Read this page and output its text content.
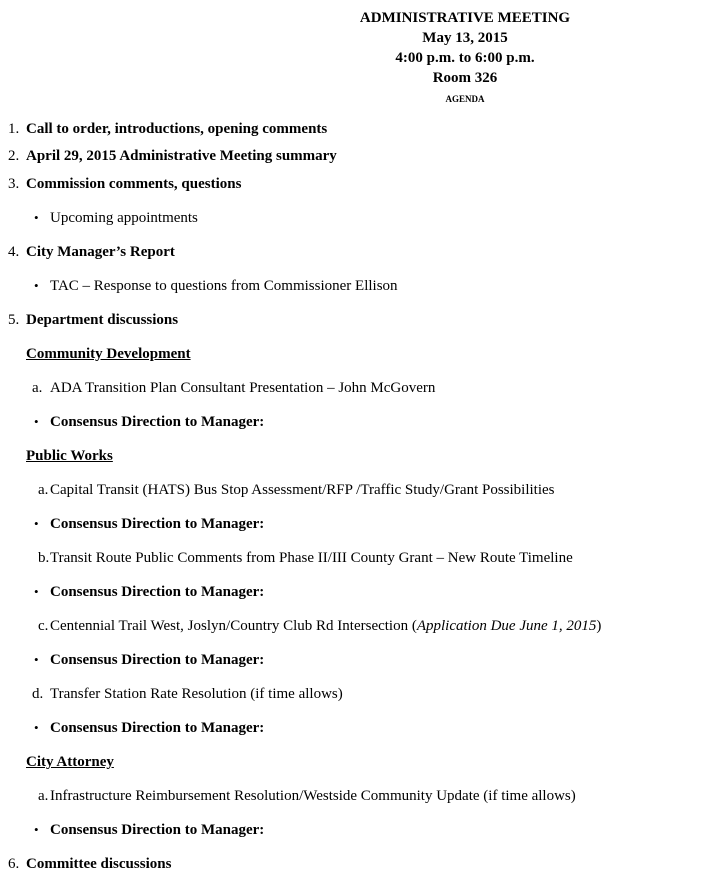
ADMINISTRATIVE MEETING
May 13, 2015
4:00 p.m. to 6:00 p.m.
Room 326
AGENDA
1. Call to order, introductions, opening comments
2. April 29, 2015 Administrative Meeting summary
3. Commission comments, questions
• Upcoming appointments
4. City Manager’s Report
• TAC – Response to questions from Commissioner Ellison
5. Department discussions
Community Development
a. ADA Transition Plan Consultant Presentation – John McGovern
• Consensus Direction to Manager:
Public Works
a. Capital Transit (HATS) Bus Stop Assessment/RFP /Traffic Study/Grant Possibilities
• Consensus Direction to Manager:
b. Transit Route Public Comments from Phase II/III County Grant – New Route Timeline
• Consensus Direction to Manager:
c. Centennial Trail West, Joslyn/Country Club Rd Intersection (Application Due June 1, 2015)
• Consensus Direction to Manager:
d. Transfer Station Rate Resolution (if time allows)
• Consensus Direction to Manager:
City Attorney
a. Infrastructure Reimbursement Resolution/Westside Community Update (if time allows)
• Consensus Direction to Manager:
6. Committee discussions
